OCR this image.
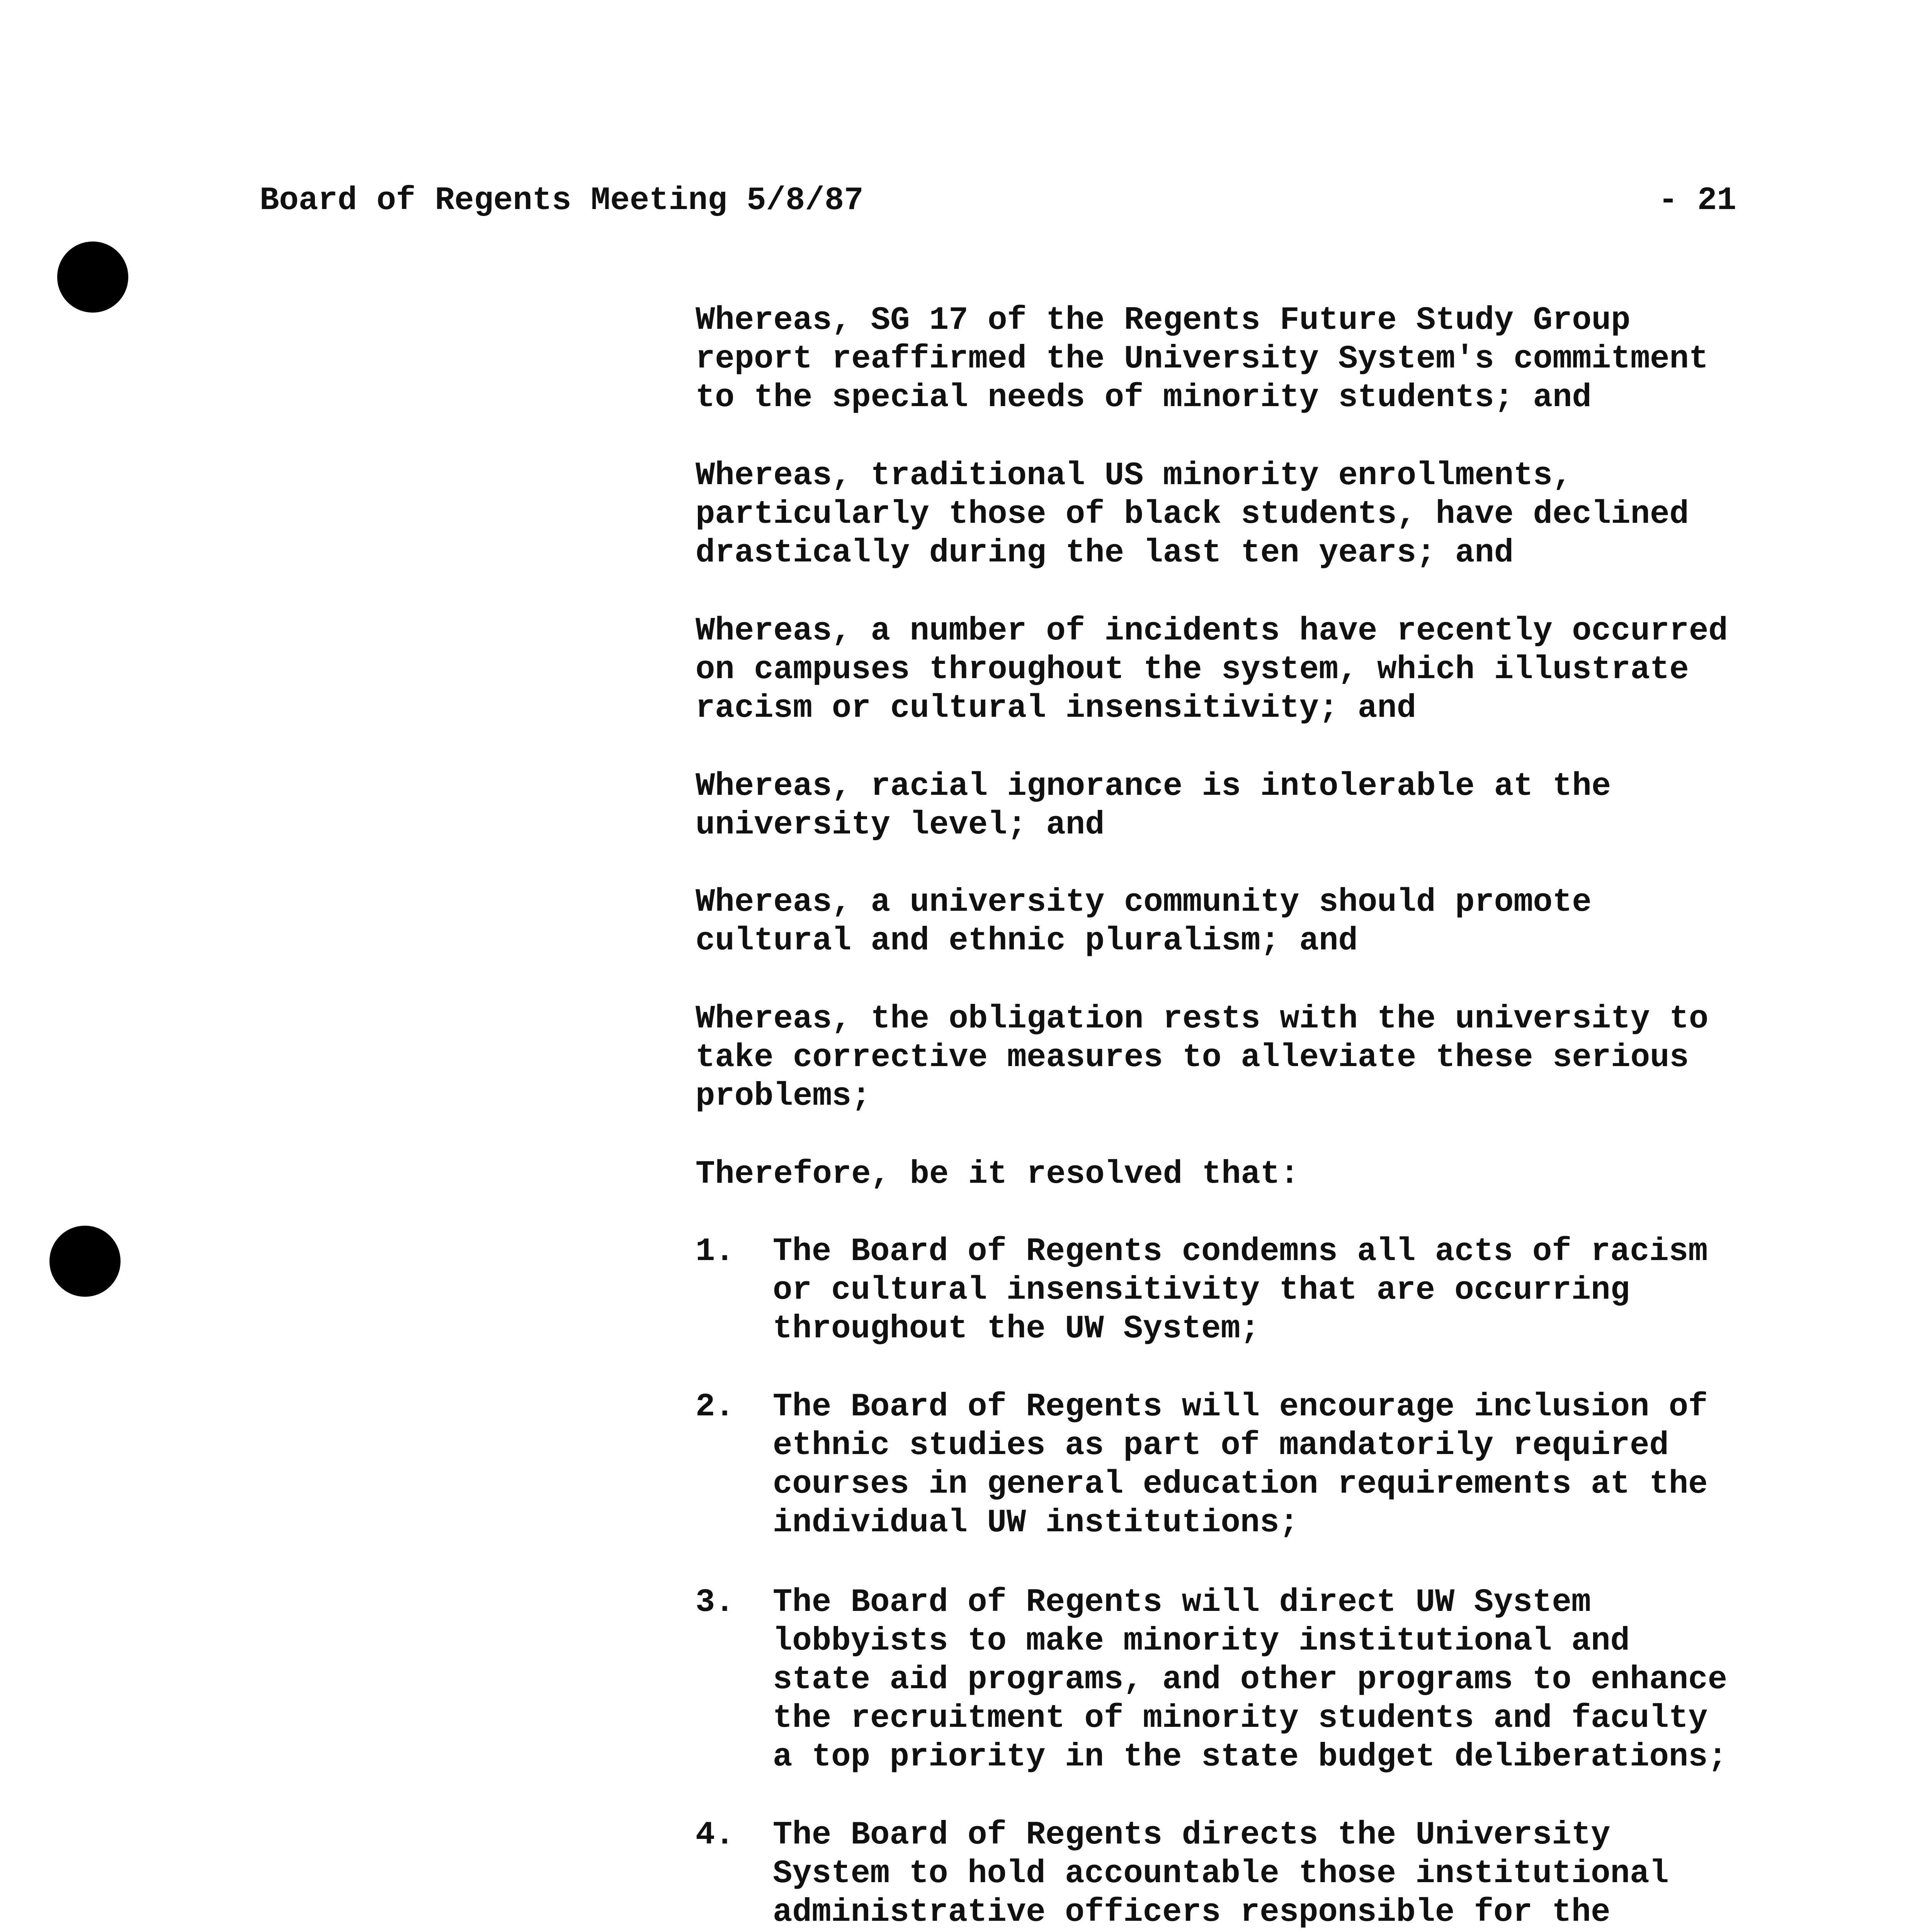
Board of Regents Meeting 5/8/87	- 21

Whereas, SG 17 of the Regents Future Study Group

report reaffirmed the University System's commitment

to the special needs of minority students; and

Whereas, traditional US minority enrollments,

particularly those of black students, have declined

drastically during the last ten years; and

Whereas, a number of incidents have recently occurred

on campuses throughout the system, which illustrate

racism or cultural insensitivity; and

Whereas, racial ignorance is intolerable at the

university level; and

Whereas, a university community should promote

cultural and ethnic pluralism; and

Whereas, the obligation rests with the university to

take corrective measures to alleviate these serious

problems;

Therefore, be it resolved that:

1. The Board of Regents condemns all acts of racism

or cultural insensitivity that are occurring

throughout the UW System;

2. The Board of Regents will encourage inclusion of

ethnic studies as part of mandatorily required

courses in general education requirements at the

individual UW institutions;

3. The Board of Regents will direct UW System

lobbyists to make minority institutional and

state aid programs, and other programs to enhance

the recruitment of minority students and faculty

a top priority in the state budget deliberations;

4. The Board of Regents directs the University

System to hold accountable those institutional

administrative officers responsible for the
